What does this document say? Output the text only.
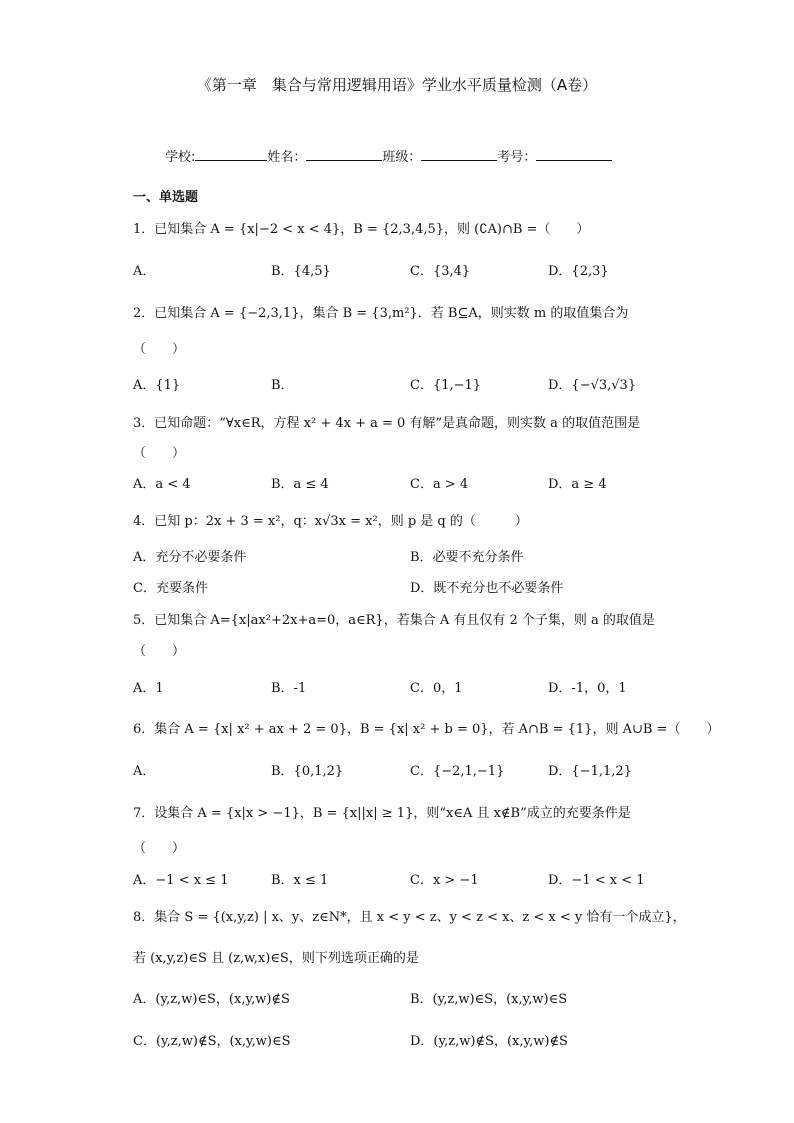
《第一章　集合与常用逻辑用语》学业水平质量检测（A卷）
学校:	姓名：	班级：	考号：
一、单选题
1．已知集合 A = {x|−2 < x < 4}，B = {2,3,4,5}，则 (∁A)∩B =（　　）
A．	B．{4,5}	C．{3,4}	D．{2,3}
2．已知集合 A = {−2,3,1}，集合 B = {3,m²}．若 B⊆A，则实数 m 的取值集合为
（　　）
A．{1}	B．	C．{1,−1}	D．{−√3,√3}
3．已知命题：“∀x∈R，方程 x² + 4x + a = 0 有解”是真命题，则实数 a 的取值范围是
（　　）
A．a < 4	B．a ≤ 4	C．a > 4	D．a ≥ 4
4．已知 p：2x + 3 = x²，q：x√3x = x²，则 p 是 q 的（　　　）
A．充分不必要条件	B．必要不充分条件
C．充要条件	D．既不充分也不必要条件
5．已知集合 A={x|ax²+2x+a=0，a∈R}，若集合 A 有且仅有 2 个子集，则 a 的取值是
（　　）
A．1	B．-1	C．0，1	D．-1，0，1
6．集合 A = {x| x² + ax + 2 = 0}，B = {x| x² + b = 0}，若 A∩B = {1}，则 A∪B =（　　）
A．	B．{0,1,2}	C．{−2,1,−1}	D．{−1,1,2}
7．设集合 A = {x|x > −1}，B = {x||x| ≥ 1}，则“x∈A 且 x∉B”成立的充要条件是
（　　）
A．−1 < x ≤ 1	B．x ≤ 1	C．x > −1	D．−1 < x < 1
8．集合 S = {(x,y,z) | x、y、z∈N*，且 x < y < z、y < z < x、z < x < y 恰有一个成立}，
若 (x,y,z)∈S 且 (z,w,x)∈S，则下列选项正确的是
A．(y,z,w)∈S，(x,y,w)∉S	B．(y,z,w)∈S，(x,y,w)∈S
C．(y,z,w)∉S，(x,y,w)∈S	D．(y,z,w)∉S，(x,y,w)∉S
